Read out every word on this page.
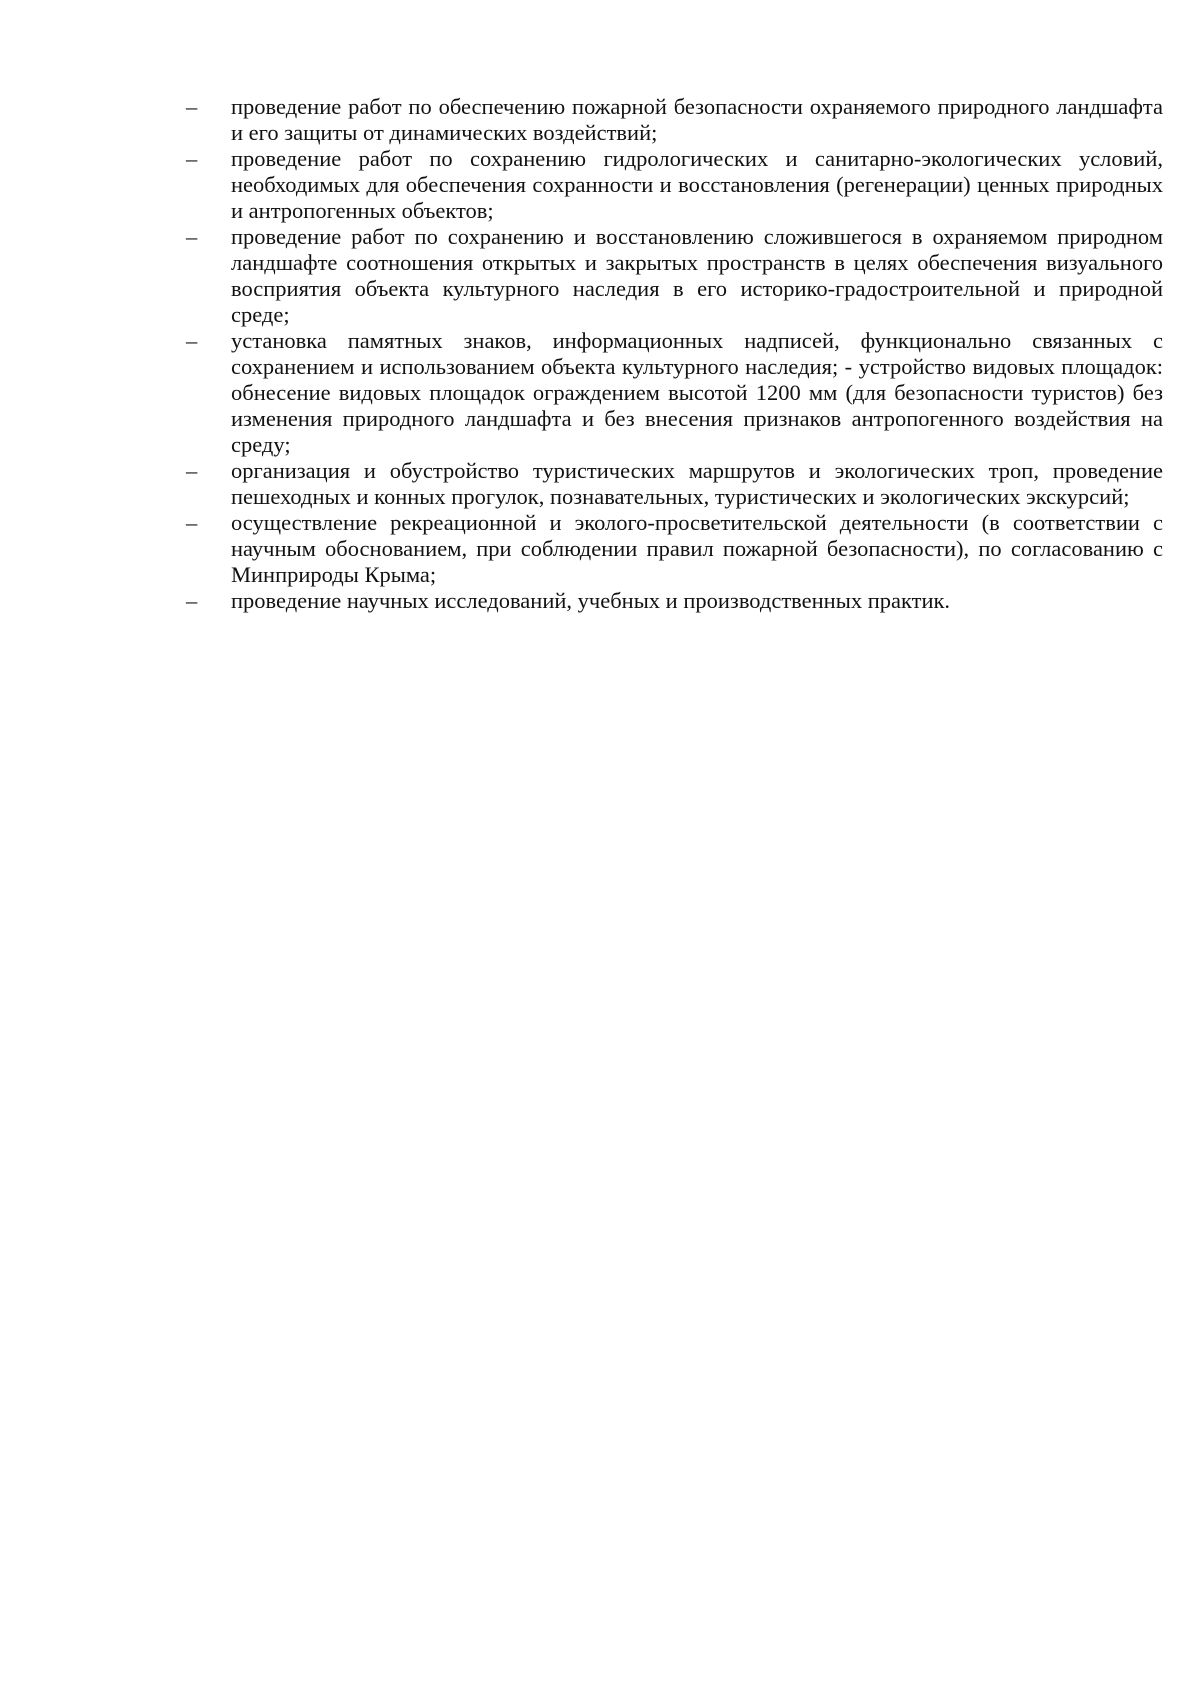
–	проведение работ по обеспечению пожарной безопасности охраняемого природного ландшафта и его защиты от динамических воздействий;
–	проведение работ по сохранению гидрологических и санитарно-экологических условий, необходимых для обеспечения сохранности и восстановления (регенерации) ценных природных и антропогенных объектов;
–	проведение работ по сохранению и восстановлению сложившегося в охраняемом природном ландшафте соотношения открытых и закрытых пространств в целях обеспечения визуального восприятия объекта культурного наследия в его историко-градостроительной и природной среде;
–	установка памятных знаков, информационных надписей, функционально связанных с сохранением и использованием объекта культурного наследия; - устройство видовых площадок: обнесение видовых площадок ограждением высотой 1200 мм (для безопасности туристов) без изменения природного ландшафта и без внесения признаков антропогенного воздействия на среду;
–	организация и обустройство туристических маршрутов и экологических троп, проведение пешеходных и конных прогулок, познавательных, туристических и экологических экскурсий;
–	осуществление рекреационной и эколого-просветительской деятельности (в соответствии с научным обоснованием, при соблюдении правил пожарной безопасности), по согласованию с Минприроды Крыма;
–	проведение научных исследований, учебных и производственных практик.
